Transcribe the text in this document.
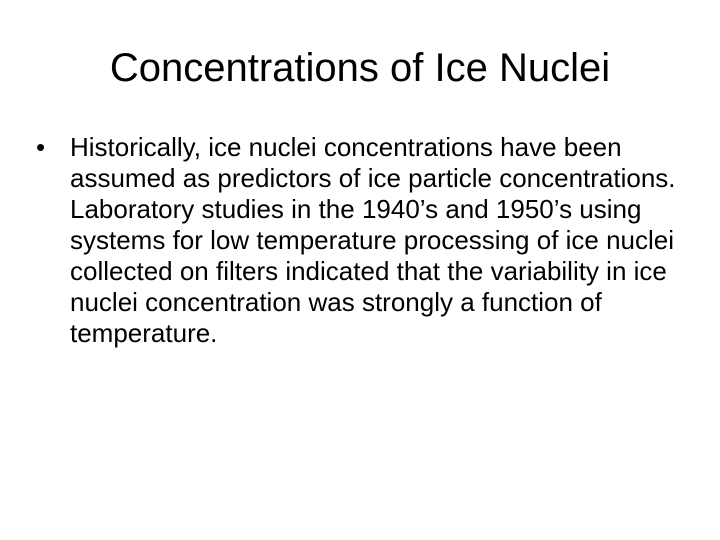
Concentrations of Ice Nuclei
• Historically, ice nuclei concentrations have been assumed as predictors of ice particle concentrations. Laboratory studies in the 1940’s and 1950’s using systems for low temperature processing of ice nuclei collected on filters indicated that the variability in ice nuclei concentration was strongly a function of temperature.
